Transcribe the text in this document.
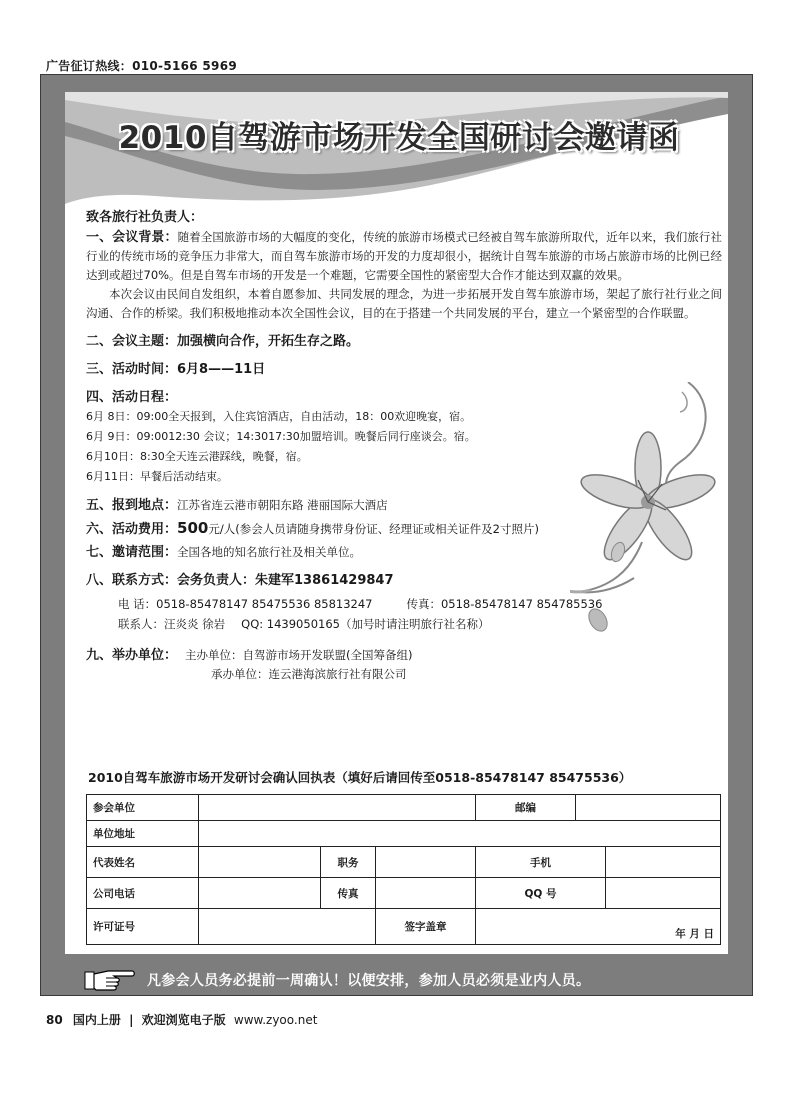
广告征订热线：010-5166 5969
2010自驾游市场开发全国研讨会邀请函
致各旅行社负责人：
一、会议背景：随着全国旅游市场的大幅度的变化，传统的旅游市场模式已经被自驾车旅游所取代，近年以来，我们旅行社行业的传统市场的竞争压力非常大，而自驾车旅游市场的开发的力度却很小，据统计自驾车旅游的市场占旅游市场的比例已经达到或超过70%。但是自驾车市场的开发是一个难题，它需要全国性的紧密型大合作才能达到双赢的效果。
本次会议由民间自发组织，本着自愿参加、共同发展的理念，为进一步拓展开发自驾车旅游市场，架起了旅行社行业之间沟通、合作的桥梁。我们积极地推动本次全国性会议，目的在于搭建一个共同发展的平台，建立一个紧密型的合作联盟。
二、会议主题：加强横向合作，开拓生存之路。
三、活动时间：6月8——11日
四、活动日程：
6月 8日：09:00全天报到，入住宾馆酒店，自由活动，18：00欢迎晚宴，宿。
6月 9日：09:0012:30 会议；14:3017:30加盟培训。晚餐后同行座谈会。宿。
6月10日：8:30全天连云港踩线，晚餐，宿。
6月11日：早餐后活动结束。
五、报到地点：江苏省连云港市朝阳东路 港丽国际大酒店
六、活动费用：500元/人(参会人员请随身携带身份证、经理证或相关证件及2寸照片)
七、邀请范围：全国各地的知名旅行社及相关单位。
八、联系方式：会务负责人：朱建军13861429847
电 话：0518-85478147 85475536 85813247	传真：0518-85478147 854785536
联系人：汪炎炎 徐岩 QQ: 1439050165（加号时请注明旅行社名称）
九、举办单位： 主办单位：自驾游市场开发联盟(全国筹备组)
承办单位：连云港海滨旅行社有限公司
2010自驾车旅游市场开发研讨会确认回执表（填好后请回传至0518-85478147 85475536）
参会单位				邮编		
单位地址						
代表姓名		职务		手机		
公司电话		传真		QQ 号		
许可证号			签字盖章	年 月 日		
凡参会人员务必提前一周确认！以便安排，参加人员必须是业内人员。
80 国内上册 | 欢迎浏览电子版 www.zyoo.net
